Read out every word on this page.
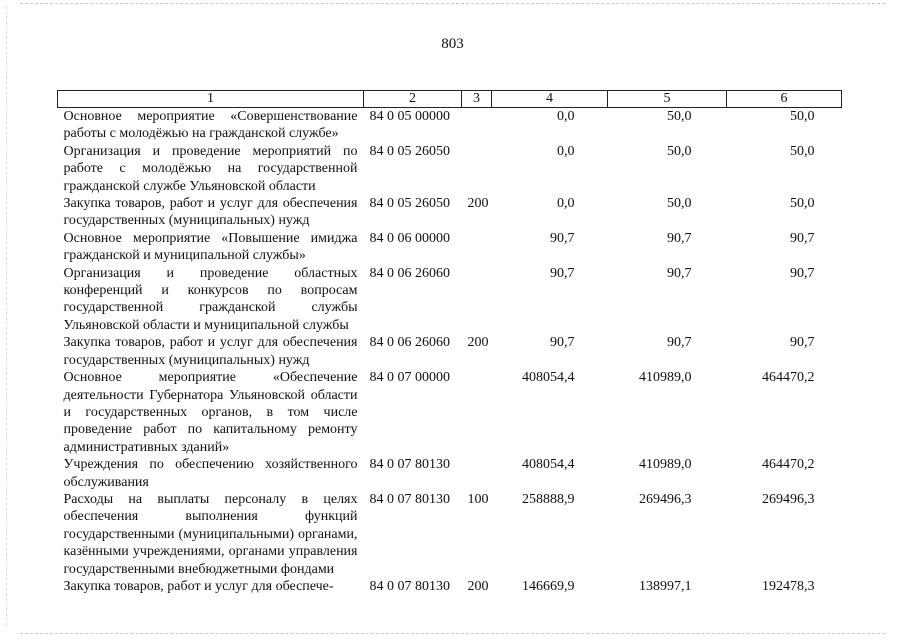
803
1	2	3	4	5	6
Основное мероприятие «Совершенствование работы с молодёжью на гражданской службе»	84 0 05 00000		0,0	50,0	50,0
Организация и проведение мероприятий по работе с молодёжью на государственной гражданской службе Ульяновской области	84 0 05 26050		0,0	50,0	50,0
Закупка товаров, работ и услуг для обеспечения государственных (муниципальных) нужд	84 0 05 26050	200	0,0	50,0	50,0
Основное мероприятие «Повышение имиджа гражданской и муниципальной службы»	84 0 06 00000		90,7	90,7	90,7
Организация и проведение областных конференций и конкурсов по вопросам государственной гражданской службы Ульяновской области и муниципальной службы	84 0 06 26060		90,7	90,7	90,7
Закупка товаров, работ и услуг для обеспечения государственных (муниципальных) нужд	84 0 06 26060	200	90,7	90,7	90,7
Основное мероприятие «Обеспечение деятельности Губернатора Ульяновской области и государственных органов, в том числе проведение работ по капитальному ремонту административных зданий»	84 0 07 00000		408054,4	410989,0	464470,2
Учреждения по обеспечению хозяйственного обслуживания	84 0 07 80130		408054,4	410989,0	464470,2
Расходы на выплаты персоналу в целях обеспечения выполнения функций государственными (муниципальными) органами, казёнными учреждениями, органами управления государственными внебюджетными фондами	84 0 07 80130	100	258888,9	269496,3	269496,3
Закупка товаров, работ и услуг для обеспече-	84 0 07 80130	200	146669,9	138997,1	192478,3
